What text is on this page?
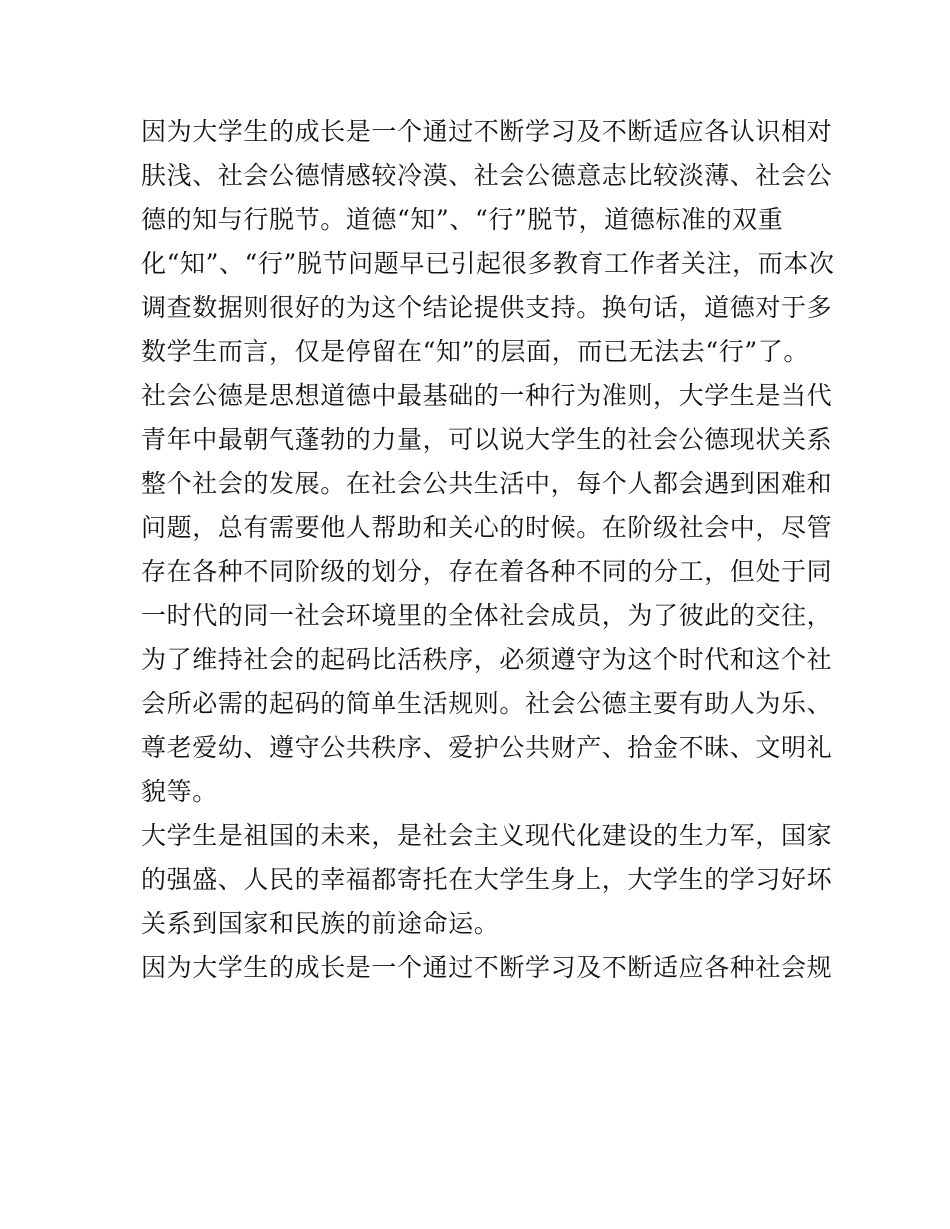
因为大学生的成长是一个通过不断学习及不断适应各认识相对
肤浅、社会公德情感较冷漠、社会公德意志比较淡薄、社会公
德的知与行脱节。道德“知”、“行”脱节，道德标准的双重
化“知”、“行”脱节问题早已引起很多教育工作者关注，而本次
调查数据则很好的为这个结论提供支持。换句话，道德对于多
数学生而言，仅是停留在“知”的层面，而已无法去“行”了。
社会公德是思想道德中最基础的一种行为准则，大学生是当代
青年中最朝气蓬勃的力量，可以说大学生的社会公德现状关系
整个社会的发展。在社会公共生活中，每个人都会遇到困难和
问题，总有需要他人帮助和关心的时候。在阶级社会中，尽管
存在各种不同阶级的划分，存在着各种不同的分工，但处于同
一时代的同一社会环境里的全体社会成员，为了彼此的交往，
为了维持社会的起码比活秩序，必须遵守为这个时代和这个社
会所必需的起码的简单生活规则。社会公德主要有助人为乐、
尊老爱幼、遵守公共秩序、爱护公共财产、拾金不昧、文明礼
貌等。
大学生是祖国的未来，是社会主义现代化建设的生力军，国家
的强盛、人民的幸福都寄托在大学生身上，大学生的学习好坏
关系到国家和民族的前途命运。
因为大学生的成长是一个通过不断学习及不断适应各种社会规
